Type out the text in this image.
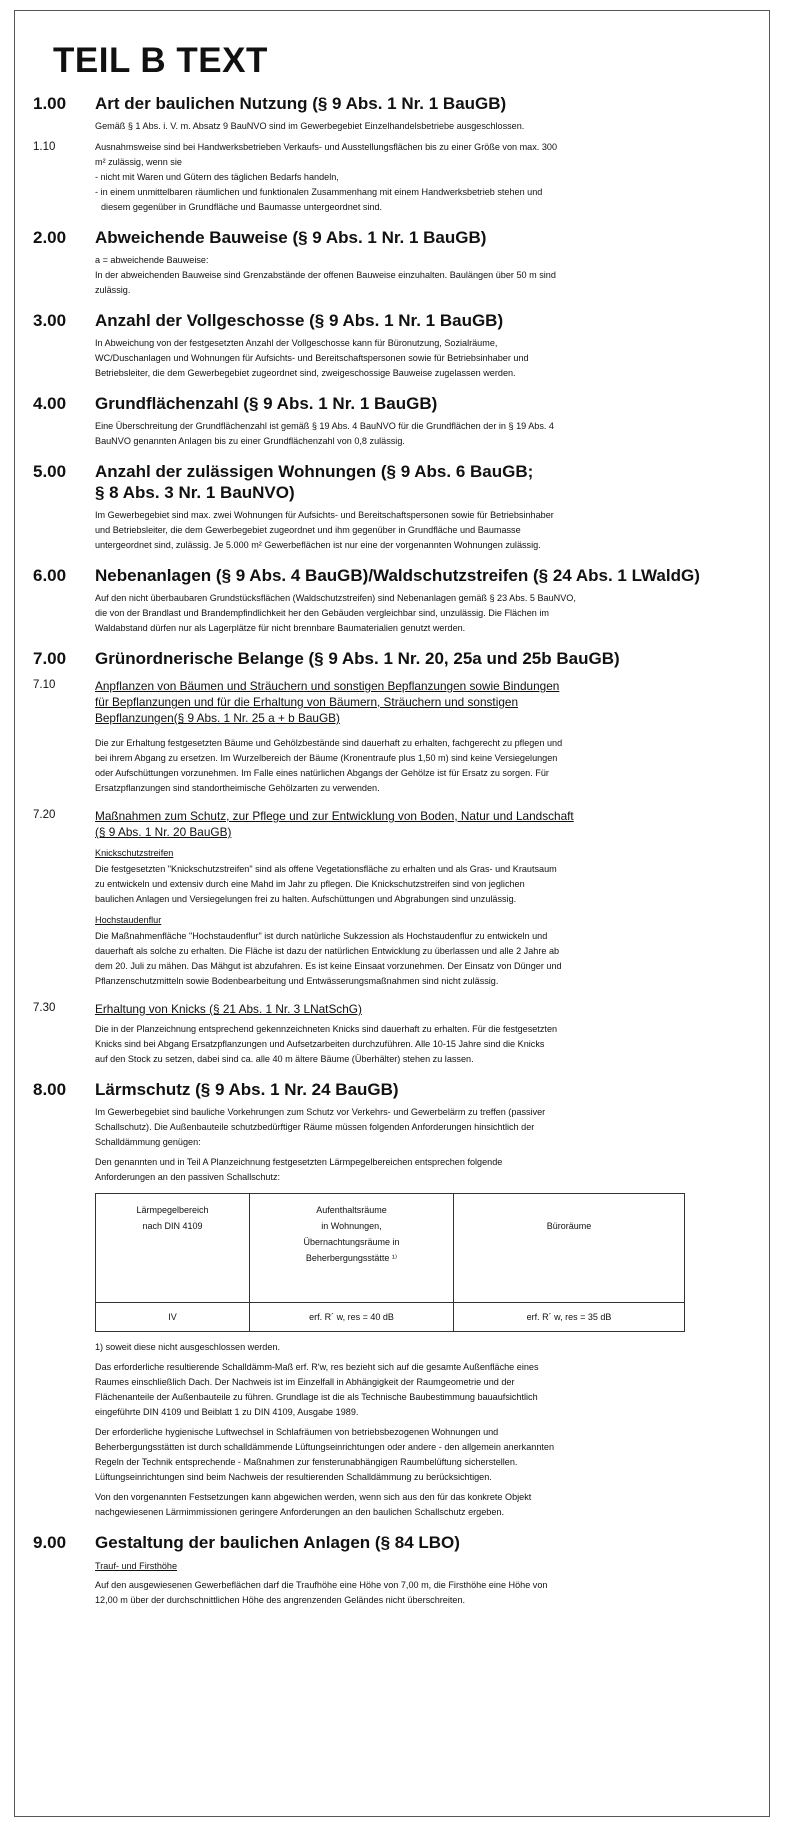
TEIL B TEXT
1.00	Art der baulichen Nutzung (§ 9 Abs. 1 Nr. 1 BauGB)

Gemäß § 1 Abs. i. V. m. Absatz 9 BauNVO sind im Gewerbegebiet Einzelhandelsbetriebe ausgeschlossen.

1.10	Ausnahmsweise sind bei Handwerksbetrieben Verkaufs- und Ausstellungsflächen bis zu einer Größe von max. 300
m² zulässig, wenn sie
- nicht mit Waren und Gütern des täglichen Bedarfs handeln,
- in einem unmittelbaren räumlichen und funktionalen Zusammenhang mit einem Handwerksbetrieb stehen und
diesem gegenüber in Grundfläche und Baumasse untergeordnet sind.

2.00	Abweichende Bauweise (§ 9 Abs. 1 Nr. 1 BauGB)

a = abweichende Bauweise:
In der abweichenden Bauweise sind Grenzabstände der offenen Bauweise einzuhalten. Baulängen über 50 m sind
zulässig.

3.00	Anzahl der Vollgeschosse (§ 9 Abs. 1 Nr. 1 BauGB)

In Abweichung von der festgesetzten Anzahl der Vollgeschosse kann für Büronutzung, Sozialräume,
WC/Duschanlagen und Wohnungen für Aufsichts- und Bereitschaftspersonen sowie für Betriebsinhaber und
Betriebsleiter, die dem Gewerbegebiet zugeordnet sind, zweigeschossige Bauweise zugelassen werden.

4.00	Grundflächenzahl (§ 9 Abs. 1 Nr. 1 BauGB)

Eine Überschreitung der Grundflächenzahl ist gemäß § 19 Abs. 4 BauNVO für die Grundflächen der in § 19 Abs. 4
BauNVO genannten Anlagen bis zu einer Grundflächenzahl von 0,8 zulässig.

5.00	Anzahl der zulässigen Wohnungen (§ 9 Abs. 6 BauGB;
§ 8 Abs. 3 Nr. 1 BauNVO)

Im Gewerbegebiet sind max. zwei Wohnungen für Aufsichts- und Bereitschaftspersonen sowie für Betriebsinhaber
und Betriebsleiter, die dem Gewerbegebiet zugeordnet und ihm gegenüber in Grundfläche und Baumasse
untergeordnet sind, zulässig. Je 5.000 m² Gewerbeflächen ist nur eine der vorgenannten Wohnungen zulässig.

6.00	Nebenanlagen (§ 9 Abs. 4 BauGB)/Waldschutzstreifen (§ 24 Abs. 1 LWaldG)

Auf den nicht überbaubaren Grundstücksflächen (Waldschutzstreifen) sind Nebenanlagen gemäß § 23 Abs. 5 BauNVO,
die von der Brandlast und Brandempfindlichkeit her den Gebäuden vergleichbar sind, unzulässig. Die Flächen im
Waldabstand dürfen nur als Lagerplätze für nicht brennbare Baumaterialien genutzt werden.

7.00	Grünordnerische Belange (§ 9 Abs. 1 Nr. 20, 25a und 25b BauGB)
7.10	Anpflanzen von Bäumen und Sträuchern und sonstigen Bepflanzungen sowie Bindungen
für Bepflanzungen und für die Erhaltung von Bäumern, Sträuchern und sonstigen
Bepflanzungen(§ 9 Abs. 1 Nr. 25 a + b BauGB)

Die zur Erhaltung festgesetzten Bäume und Gehölzbestände sind dauerhaft zu erhalten, fachgerecht zu pflegen und
bei ihrem Abgang zu ersetzen. Im Wurzelbereich der Bäume (Kronentraufe plus 1,50 m) sind keine Versiegelungen
oder Aufschüttungen vorzunehmen. Im Falle eines natürlichen Abgangs der Gehölze ist für Ersatz zu sorgen. Für
Ersatzpflanzungen sind standortheimische Gehölzarten zu verwenden.

7.20	Maßnahmen zum Schutz, zur Pflege und zur Entwicklung von Boden, Natur und Landschaft
(§ 9 Abs. 1 Nr. 20 BauGB)
Knickschutzstreifen

Die festgesetzten "Knickschutzstreifen" sind als offene Vegetationsfläche zu erhalten und als Gras- und Krautsaum
zu entwickeln und extensiv durch eine Mahd im Jahr zu pflegen. Die Knickschutzstreifen sind von jeglichen
baulichen Anlagen und Versiegelungen frei zu halten. Aufschüttungen und Abgrabungen sind unzulässig.

Hochstaudenflur

Die Maßnahmenfläche "Hochstaudenflur" ist durch natürliche Sukzession als Hochstaudenflur zu entwickeln und
dauerhaft als solche zu erhalten. Die Fläche ist dazu der natürlichen Entwicklung zu überlassen und alle 2 Jahre ab
dem 20. Juli zu mähen. Das Mähgut ist abzufahren. Es ist keine Einsaat vorzunehmen. Der Einsatz von Dünger und
Pflanzenschutzmitteln sowie Bodenbearbeitung und Entwässerungsmaßnahmen sind nicht zulässig.

7.30	Erhaltung von Knicks (§ 21 Abs. 1 Nr. 3 LNatSchG)

Die in der Planzeichnung entsprechend gekennzeichneten Knicks sind dauerhaft zu erhalten. Für die festgesetzten
Knicks sind bei Abgang Ersatzpflanzungen und Aufsetzarbeiten durchzuführen. Alle 10-15 Jahre sind die Knicks
auf den Stock zu setzen, dabei sind ca. alle 40 m ältere Bäume (Überhälter) stehen zu lassen.

8.00	Lärmschutz (§ 9 Abs. 1 Nr. 24 BauGB)

Im Gewerbegebiet sind bauliche Vorkehrungen zum Schutz vor Verkehrs- und Gewerbelärm zu treffen (passiver
Schallschutz). Die Außenbauteile schutzbedürftiger Räume müssen folgenden Anforderungen hinsichtlich der
Schalldämmung genügen:

Den genannten und in Teil A Planzeichnung festgesetzten Lärmpegelbereichen entsprechen folgende
Anforderungen an den passiven Schallschutz:

Lärmpegelbereich
nach DIN 4109	Aufenthaltsräume
in Wohnungen,
Übernachtungsräume in
Beherbergungsstätte ¹⁾	Büroräume

IV	erf. R´ w, res = 40 dB	erf. R´ w, res = 35 dB

1) soweit diese nicht ausgeschlossen werden.

Das erforderliche resultierende Schalldämm-Maß erf. R'w, res bezieht sich auf die gesamte Außenfläche eines
Raumes einschließlich Dach. Der Nachweis ist im Einzelfall in Abhängigkeit der Raumgeometrie und der
Flächenanteile der Außenbauteile zu führen. Grundlage ist die als Technische Baubestimmung bauaufsichtlich
eingeführte DIN 4109 und Beiblatt 1 zu DIN 4109, Ausgabe 1989.

Der erforderliche hygienische Luftwechsel in Schlafräumen von betriebsbezogenen Wohnungen und
Beherbergungsstätten ist durch schalldämmende Lüftungseinrichtungen oder andere - den allgemein anerkannten
Regeln der Technik entsprechende - Maßnahmen zur fensterunabhängigen Raumbelüftung sicherstellen.
Lüftungseinrichtungen sind beim Nachweis der resultierenden Schalldämmung zu berücksichtigen.

Von den vorgenannten Festsetzungen kann abgewichen werden, wenn sich aus den für das konkrete Objekt
nachgewiesenen Lärmimmissionen geringere Anforderungen an den baulichen Schallschutz ergeben.

9.00	Gestaltung der baulichen Anlagen (§ 84 LBO)
Trauf- und Firsthöhe

Auf den ausgewiesenen Gewerbeflächen darf die Traufhöhe eine Höhe von 7,00 m, die Firsthöhe eine Höhe von
12,00 m über der durchschnittlichen Höhe des angrenzenden Geländes nicht überschreiten.
